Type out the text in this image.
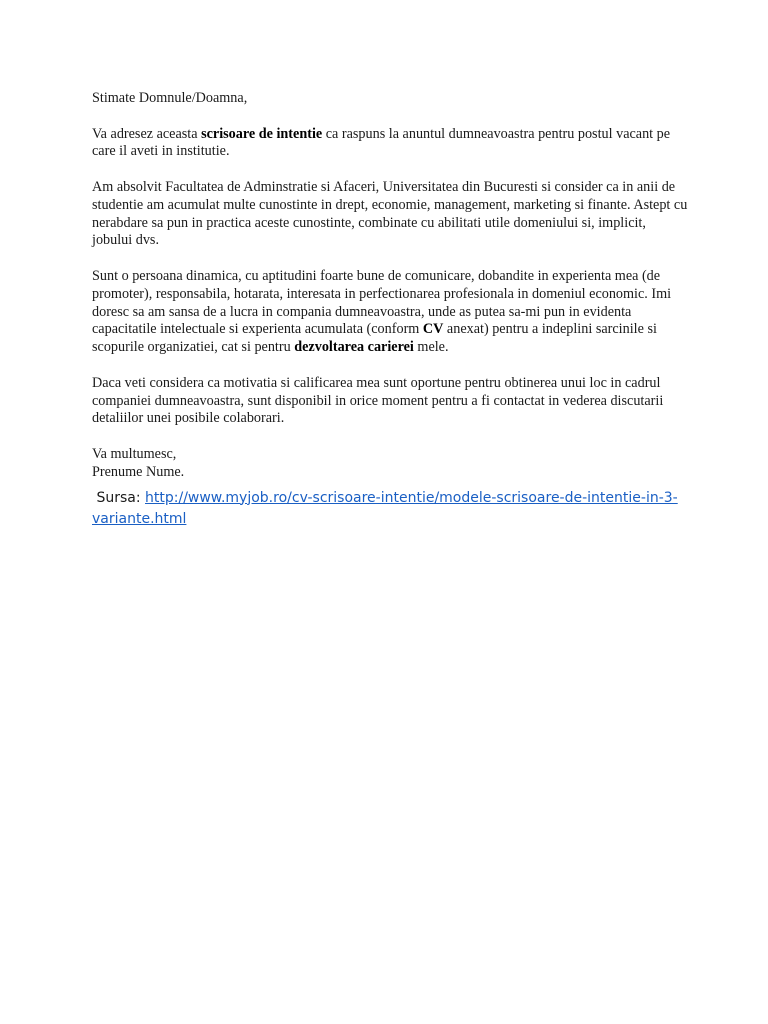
Stimate Domnule/Doamna,

Va adresez aceasta scrisoare de intentie ca raspuns la anuntul dumneavoastra pentru postul vacant pe care il aveti in institutie.

Am absolvit Facultatea de Adminstratie si Afaceri, Universitatea din Bucuresti si consider ca in anii de studentie am acumulat multe cunostinte in drept, economie, management, marketing si finante. Astept cu nerabdare sa pun in practica aceste cunostinte, combinate cu abilitati utile domeniului si, implicit, jobului dvs.

Sunt o persoana dinamica, cu aptitudini foarte bune de comunicare, dobandite in experienta mea (de promoter), responsabila, hotarata, interesata in perfectionarea profesionala in domeniul economic. Imi doresc sa am sansa de a lucra in compania dumneavoastra, unde as putea sa-mi pun in evidenta capacitatile intelectuale si experienta acumulata (conform CV anexat) pentru a indeplini sarcinile si scopurile organizatiei, cat si pentru dezvoltarea carierei mele.

Daca veti considera ca motivatia si calificarea mea sunt oportune pentru obtinerea unui loc in cadrul companiei dumneavoastra, sunt disponibil in orice moment pentru a fi contactat in vederea discutarii detaliilor unei posibile colaborari.

Va multumesc,
Prenume Nume.
Sursa: http://www.myjob.ro/cv-scrisoare-intentie/modele-scrisoare-de-intentie-in-3-variante.html
